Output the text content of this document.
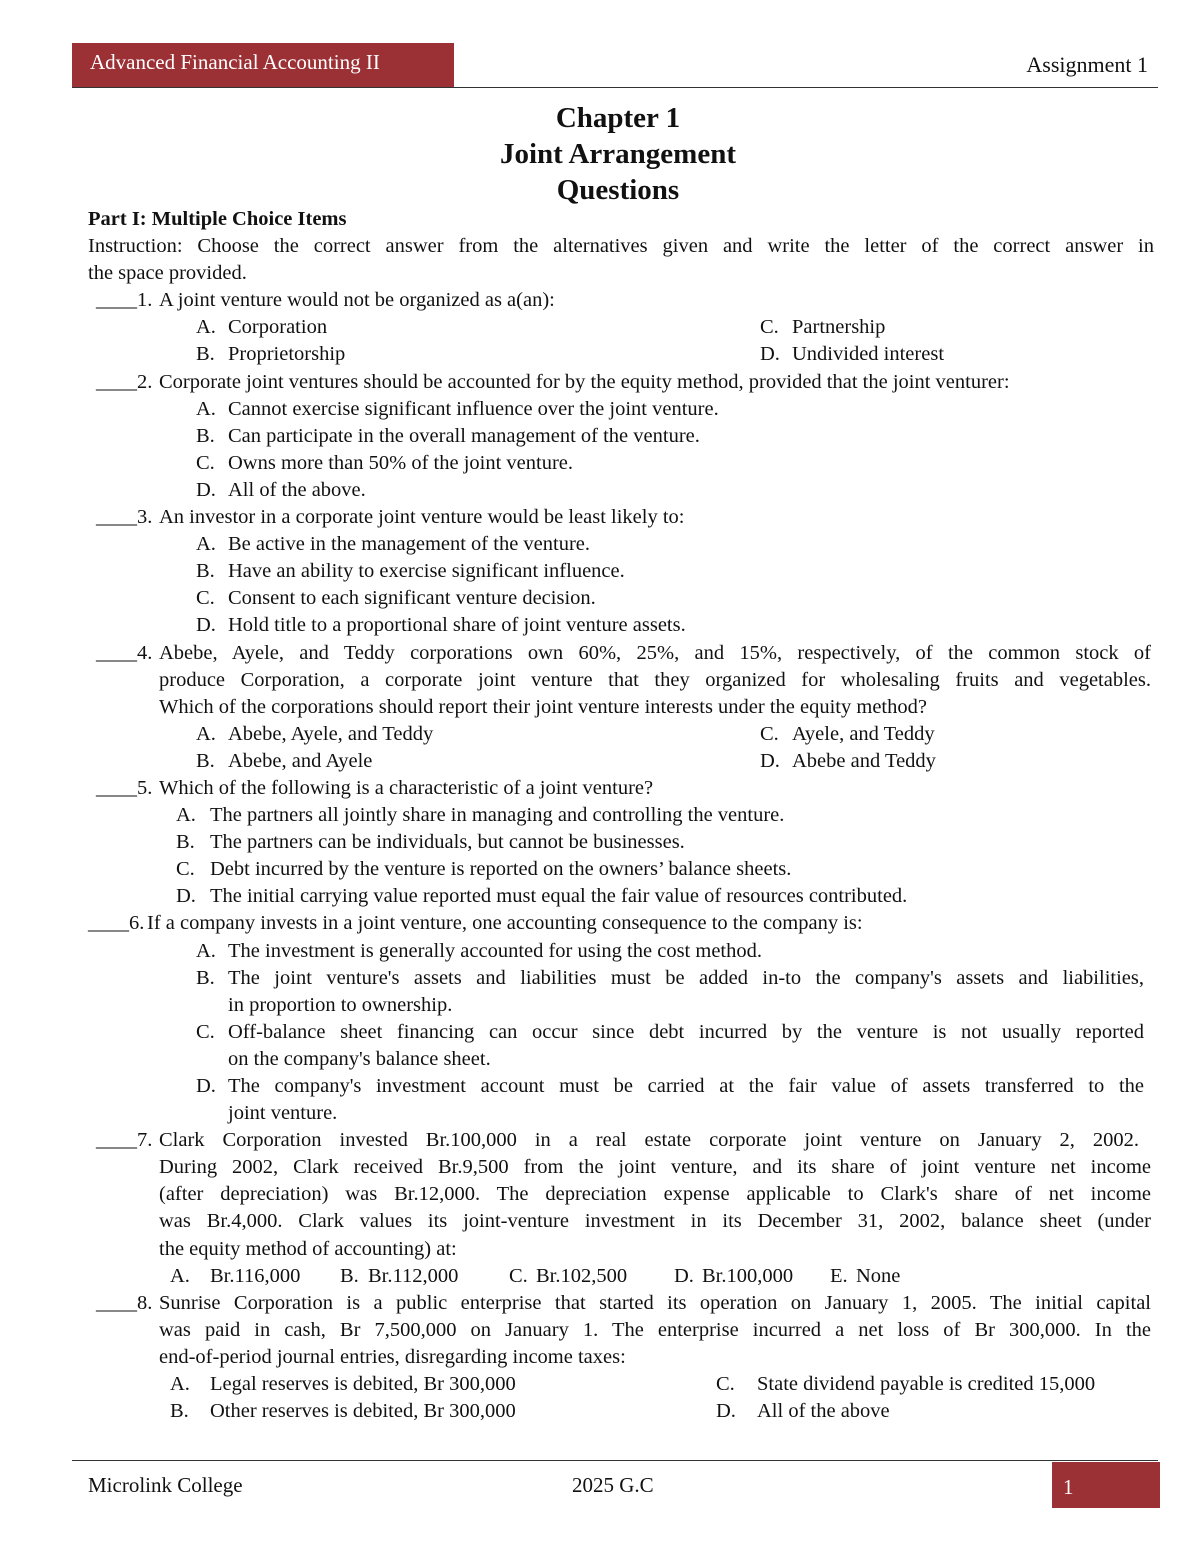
Advanced Financial Accounting II	Assignment 1
Chapter 1
Joint Arrangement
Questions
Part I: Multiple Choice Items
Instruction: Choose the correct answer from the alternatives given and write the letter of the correct answer in
the space provided.
____1. A joint venture would not be organized as a(an):
A. Corporation	C. Partnership
B. Proprietorship	D. Undivided interest
____2. Corporate joint ventures should be accounted for by the equity method, provided that the joint venturer:
A. Cannot exercise significant influence over the joint venture.
B. Can participate in the overall management of the venture.
C. Owns more than 50% of the joint venture.
D. All of the above.
____3. An investor in a corporate joint venture would be least likely to:
A. Be active in the management of the venture.
B. Have an ability to exercise significant influence.
C. Consent to each significant venture decision.
D. Hold title to a proportional share of joint venture assets.
____4. Abebe, Ayele, and Teddy corporations own 60%, 25%, and 15%, respectively, of the common stock of
produce Corporation, a corporate joint venture that they organized for wholesaling fruits and vegetables.
Which of the corporations should report their joint venture interests under the equity method?
A. Abebe, Ayele, and Teddy	C. Ayele, and Teddy
B. Abebe, and Ayele	D. Abebe and Teddy
____5. Which of the following is a characteristic of a joint venture?
A. The partners all jointly share in managing and controlling the venture.
B. The partners can be individuals, but cannot be businesses.
C. Debt incurred by the venture is reported on the owners’ balance sheets.
D. The initial carrying value reported must equal the fair value of resources contributed.
____6. If a company invests in a joint venture, one accounting consequence to the company is:
A. The investment is generally accounted for using the cost method.
B. The joint venture's assets and liabilities must be added in-to the company's assets and liabilities,
in proportion to ownership.
C. Off-balance sheet financing can occur since debt incurred by the venture is not usually reported
on the company's balance sheet.
D. The company's investment account must be carried at the fair value of assets transferred to the
joint venture.
____7. Clark Corporation invested Br.100,000 in a real estate corporate joint venture on January 2, 2002.
During 2002, Clark received Br.9,500 from the joint venture, and its share of joint venture net income
(after depreciation) was Br.12,000. The depreciation expense applicable to Clark's share of net income
was Br.4,000. Clark values its joint-venture investment in its December 31, 2002, balance sheet (under
the equity method of accounting) at:
A. Br.116,000 B. Br.112,000 C. Br.102,500 D. Br.100,000 E. None
____8. Sunrise Corporation is a public enterprise that started its operation on January 1, 2005. The initial capital
was paid in cash, Br 7,500,000 on January 1. The enterprise incurred a net loss of Br 300,000. In the
end-of-period journal entries, disregarding income taxes:
A. Legal reserves is debited, Br 300,000	C. State dividend payable is credited 15,000
B. Other reserves is debited, Br 300,000	D. All of the above
Microlink College	2025 G.C	1
